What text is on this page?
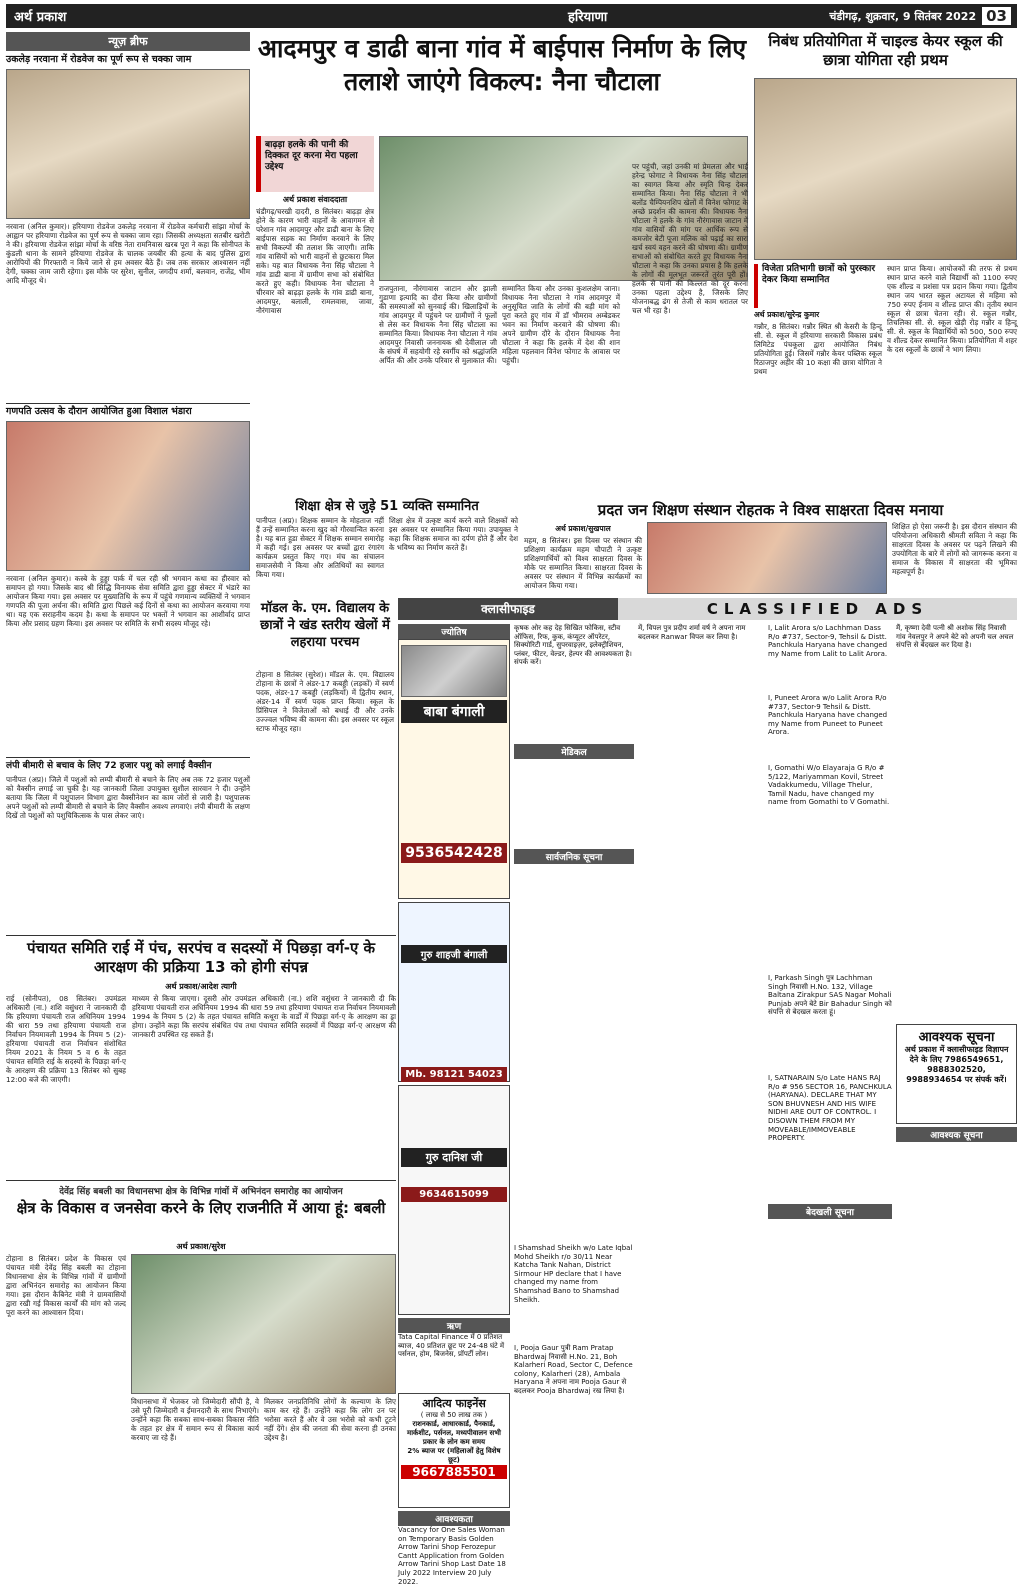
अर्थ प्रकाश	हरियाणा	चंडीगढ़, शुक्रवार, 9 सितंबर 2022 03
न्यूज़ ब्रीफ
उकलेड़ नरवाना में रोडवेज का पूर्ण रूप से चक्का जाम

नरवाना (अनिल कुमार)। हरियाणा रोडवेज उकलेड़ नरवाना में रोडवेज कर्मचारी सांझा मोर्चा के आह्वान पर हरियाणा रोडवेज का पूर्ण रूप से चक्का जाम रहा। जिसकी अध्यक्षता सतबीर खरोटी ने की। हरियाणा रोडवेज सांझा मोर्चा के वरिष्ठ नेता रामनिवास खरब पूरा ने कहा कि सोनीपत के कुंडली थाना के सामने हरियाणा रोडवेज के चालक जयबीर की हत्या के बाद पुलिस द्वारा आरोपियों की गिरफ्तारी न किये जाने से हम अवसर बैठे हैं। जब तक सरकार आश्वासन नहीं देगी, चक्का जाम जारी रहेगा। इस मौके पर सुरेश, सुनील, जगदीप शर्मा, बलवान, राजेंद्र, भीम आदि मौजूद थे।

गणपति उत्सव के दौरान आयोजित हुआ विशाल भंडारा

नरवाना (अनिल कुमार)। कस्बे के हुड्डा पार्क में चल रही श्री भगवान कथा का हीरवार को समापन हो गया। जिसके बाद श्री सिद्धि विनायक सेवा समिति द्वारा हुड्डा सेक्टर में भंडारे का आयोजन किया गया। इस अवसर पर मुख्यातिथि के रूप में पहुंचे गणमान्य व्यक्तियों ने भगवान गणपति की पूजा अर्चना की। समिति द्वारा पिछले कई दिनों से कथा का आयोजन करवाया गया था। यह एक सराहनीय कदम है। कथा के समापन पर भक्तों ने भगवान का आशीर्वाद प्राप्त किया और प्रसाद ग्रहण किया। इस अवसर पर समिति के सभी सदस्य मौजूद रहे।

लंपी बीमारी से बचाव के लिए 72 हजार पशु को लगाई वैक्सीन

पानीपत (अप्र)। जिले में पशुओं को लम्पी बीमारी से बचाने के लिए अब तक 72 हजार पशुओं को वैक्सीन लगाई जा चुकी है। यह जानकारी जिला उपायुक्त सुशील सारवान ने दी। उन्होंने बताया कि जिला में पशुपालन विभाग द्वारा वैक्सीनेशन का काम जोरों से जारी है। पशुपालक अपने पशुओं को लम्पी बीमारी से बचाने के लिए वैक्सीन अवश्य लगवाएं। लंपी बीमारी के लक्षण दिखें तो पशुओं को पशुचिकित्सक के पास लेकर जाएं।

आदमपुर व डाढी बाना गांव में बाईपास निर्माण के लिए तलाशे जाएंगे विकल्प: नैना चौटाला
बाढ़ड़ा हलके की पानी की दिक्कत दूर करना मेरा पहला उद्देश्य
अर्थ प्रकाश संवाददाता

चंडीगढ़/चरखी दादरी, 8 सितंबर। बाढ़ड़ा क्षेत्र होने के कारण भारी वाहनों के आवागमन से परेशान गांव आदमपुर और डाढी बाना के लिए बाईपास सड़क का निर्माण करवाने के लिए सभी विकल्पों की तलाश कि जाएगी। ताकि गांव वासियों को भारी वाहनों से छुटकारा मिल सके। यह बात विधायक नैना सिंह चौटाला ने गांव डाढी बाना में ग्रामीण सभा को संबोधित करते हुए कही। विधायक नैना चौटाला ने चीरवार को बाढ़ड़ा हलके के गांव डाढी बाना, आदमपुर, बलाली, रामलवास, जावा, नौरंगावास

राजपुताना, नौरंगावास जाटान और झाली गुडाणा इत्यादि का दौरा किया और ग्रामीणों की समस्याओं को सुनवाई की। खिलाड़ियों के गांव आदमपुर में पहुंचने पर ग्रामीणों ने फूलों से लेस कर विधायक नैना सिंह चौटाला का सम्मानित किया। विधायक नैना चौटाला ने गांव आदमपुर निवासी जननायक श्री देवीलाल जी के संघर्ष में सहयोगी रहे स्वर्गीय को श्रद्धांजलि अर्पित की और उनके परिवार से मुलाकात की।

सम्मानित किया और उनका कुशलक्षेम जाना। विधायक नैना चौटाला ने गांव आदमपुर में अनुसूचित जाति के लोगों की बड़ी मांग को पूरा करते हुए गांव में डॉ भीमराव अम्बेडकर भवन का निर्माण करवाने की घोषणा की। अपने ग्रामीण दौरे के दौरान विधायक नैना चौटाला ने कहा कि हलके में देश की शान महिला पहलवान विनेश फोगाट के आवास पर पहुंची।

पर पहुंची, जहां उनकी मां प्रेमलता और भाई हरेन्द्र फोगाट ने विधायक नैना सिंह चौटाला का स्वागत किया और स्मृति चिन्ह देकर सम्मानित किया। नैना सिंह चौटाला ने भी बलोंड चैम्पियनशिप खेलों में विनेश फोगाट के अच्छे प्रदर्शन की कामना की। विधायक नैना चौटाला ने हलके के गांव नौरंगावास जाटान में गांव वासियों की मांग पर आर्थिक रूप से कमजोर बेटी पूजा मलिक को पढ़ाई का सारा खर्च स्वयं वहन करने की घोषणा की। ग्रामीण सभाओं को संबोधित करते हुए विधायक नैना चौटाला ने कहा कि उनका प्रयास है कि हलके के लोगों की मूलभूत जरूरतें तुरंत पूरी हों। हलके से पानी की किल्लत को दूर करना उनका पहला उद्देश्य है, जिसके लिए योजनाबद्ध ढंग से तेजी से काम धरातल पर चल भी रहा है।

निबंध प्रतियोगिता में चाइल्ड केयर स्कूल की छात्रा योगिता रही प्रथम
विजेता प्रतिभागी छात्रों को पुरस्कार देकर किया सम्मानित
अर्थ प्रकाश/सुरेन्द्र कुमार

गन्नौर, 8 सितंबर। गन्नौर स्थित श्री केसरी के हिन्दू सी. से. स्कूल में हरियाणा सरकारी विकास प्रबंध लिमिटेड पंचकूला द्वारा आयोजित निबंध प्रतियोगिता हुई। जिसमें गन्नौर केयर पब्लिक स्कूल रिठाजपुर अहीर की 10 कक्षा की छात्रा योगिता ने प्रथम

स्थान प्राप्त किया। आयोजकों की तरफ से प्रथम स्थान प्राप्त करने वाले विद्यार्थी को 1100 रुपए एक शील्ड व प्रशंसा पत्र प्रदान किया गया। द्वितीय स्थान जय भारत स्कूल अटायल से महिमा को 750 रुपए ईनाम व शील्ड प्राप्त की। तृतीय स्थान स्कूल से छात्रा चेतना रही। से. स्कूल गन्नौर, तिचलिका सी. से. स्कूल खेड़ी रोड़ गन्नौर व हिन्दू सी. से. स्कूल के विद्यार्थियों को 500, 500 रुपए व शील्ड देकर सम्मानित किया। प्रतियोगिता में शहर के दस स्कूलों के छात्रों ने भाग लिया।

शिक्षा क्षेत्र से जुड़े 51 व्यक्ति सम्मानित

पानीपत (अप्र)। शिक्षक सम्मान के मोहताज नहीं हैं उन्हें सम्मानित करना खुद को गौरवान्वित करना है। यह बात हुडा सेक्टर में शिक्षक सम्मान समारोह में कही गई। इस अवसर पर बच्चों द्वारा रंगारंग कार्यक्रम प्रस्तुत किए गए। मंच का संचालन समाजसेवी ने किया और अतिथियों का स्वागत किया गया।

शिक्षा क्षेत्र में उत्कृष्ट कार्य करने वाले शिक्षकों को इस अवसर पर सम्मानित किया गया। उपायुक्त ने कहा कि शिक्षक समाज का दर्पण होते हैं और देश के भविष्य का निर्माण करते हैं।

प्रदत जन शिक्षण संस्थान रोहतक ने विश्व साक्षरता दिवस मनाया
अर्थ प्रकाश/सुखपाल

महम, 8 सितंबर। इस दिवस पर संस्थान की प्रशिक्षण कार्यक्रम महम चौपाटी ने उत्कृष्ट प्रशिक्षणार्थियों को विश्व साक्षरता दिवस के मौके पर सम्मानित किया। साक्षरता दिवस के अवसर पर संस्थान में विभिन्न कार्यक्रमों का आयोजन किया गया।

शिक्षित हो ऐसा जरूरी है। इस दौरान संस्थान की परियोजना अधिकारी श्रीमती सविता ने कहा कि साक्षरता दिवस के अवसर पर पढ़ने लिखने की उपयोगिता के बारे में लोगों को जागरूक करना व समाज के विकास में साक्षरता की भूमिका महत्वपूर्ण है।

मॉडल के. एम. विद्यालय के छात्रों ने खंड स्तरीय खेलों में लहराया परचम

टोहाना 8 सितंबर (सुरेश)। मॉडल के. एम. विद्यालय टोहाना के छात्रों ने अंडर-17 कबड्डी (लड़कों) में स्वर्ण पदक, अंडर-17 कबड्डी (लड़कियों) में द्वितीय स्थान, अंडर-14 में स्वर्ण पदक प्राप्त किया। स्कूल के प्रिंसिपल ने विजेताओं को बधाई दी और उनके उज्ज्वल भविष्य की कामना की। इस अवसर पर स्कूल स्टाफ मौजूद रहा।

पंचायत समिति राई में पंच, सरपंच व सदस्यों में पिछड़ा वर्ग-ए के आरक्षण की प्रक्रिया 13 को होगी संपन्न
अर्थ प्रकाश/आदेश त्यागी

राई (सोनीपत), 08 सितंबर। उपमंडल अधिकारी (ना.) शशि वसुंधरा ने जानकारी दी कि हरियाणा पंचायती राज अधिनियम 1994 की धारा 59 तथा हरियाणा पंचायती राज निर्वाचन नियमावली 1994 के नियम 5 (2)-हरियाणा पंचायती राज निर्वाचन संशोधित नियम 2021 के नियम 5 व 6 के तहत पंचायत समिति राई के सदस्यों के पिछड़ा वर्ग-ए के आरक्षण की प्रक्रिया 13 सितंबर को सुबह 12:00 बजे की जाएगी।

माध्यम से किया जाएगा। दूसरी ओर उपमंडल अधिकारी (ना.) शशि वसुंधरा ने जानकारी दी कि हरियाणा पंचायती राज अधिनियम 1994 की धारा 59 तथा हरियाणा पंचायत राज निर्वाचन नियमावली 1994 के नियम 5 (2) के तहत पंचायत समिति कथूरा के वार्डों में पिछड़ा वर्ग-ए के आरक्षण का ड्रा होगा। उन्होंने कहा कि सरपंच संबंधित पंच तथा पंचायत समिति सदस्यों में पिछड़ा वर्ग-ए आरक्षण की जानकारी उपस्थित रह सकते हैं।

देवेंद्र सिंह बबली का विधानसभा क्षेत्र के विभिन्न गांवों में अभिनंदन समारोह का आयोजन
क्षेत्र के विकास व जनसेवा करने के लिए राजनीति में आया हूं: बबली
अर्थ प्रकाश/सुरेश

टोहाना 8 सितंबर। प्रदेश के विकास एवं पंचायत मंत्री देवेंद्र सिंह बबली का टोहाना विधानसभा क्षेत्र के विभिन्न गांवों में ग्रामीणों द्वारा अभिनंदन समारोह का आयोजन किया गया। इस दौरान कैबिनेट मंत्री ने ग्रामवासियों द्वारा रखी गई विकास कार्यों की मांग को जल्द पूरा करने का आश्वासन दिया।

विधानसभा में भेजकर जो जिम्मेदारी सौंपी है, वे उसे पूरी जिम्मेदारी व ईमानदारी के साथ निभाएंगे। उन्होंने कहा कि सबका साथ-सबका विकास नीति के तहत हर क्षेत्र में समान रूप से विकास कार्य करवाए जा रहे हैं।

मिलकर जनप्रतिनिधि लोगों के कल्याण के लिए काम कर रहे हैं। उन्होंने कहा कि लोग उन पर भरोसा करते हैं और वे उस भरोसे को कभी टूटने नहीं देंगे। क्षेत्र की जनता की सेवा करना ही उनका उद्देश्य है।

क्लासीफाइड	CLASSIFIED ADS
ज्योतिष
बाबा बंगाली
9536542428
गुरु शाहजी बंगाली
Mb. 98121 54023
गुरु दानिश जी
9634615099
ऋण

Tata Capital Finance में 0 प्रतिशत ब्याज, 40 प्रतिशत छूट पर 24-48 घंटे में पर्सनल, होम, बिजनेस, प्रॉपर्टी लोन।

आदित्य फाइनेंस
( लाख से 50 लाख तक )
राशनकार्ड, आधारकार्ड, पैनकार्ड, मार्कशीट, पर्सनल, मध्यपीवालन सभी प्रकार के लोन कम समय
2% ब्याज पर (महिलाओं हेतु विशेष छूट)
9667885501
आवश्यकता

Vacancy for One Sales Woman on Temporary Basis Golden Arrow Tarini Shop Ferozepur Cantt Application from Golden Arrow Tarini Shop Last Date 18 July 2022 Interview 20 July 2022.

कृषक ओर कह देह सिखित फोकिस, स्टीव ऑफिस, रिफ, कुक, कंप्यूटर ऑपरेटर, सिक्योरिटी गार्ड, सुपरवाइज़र, इलेक्ट्रीशियन, प्लंबर, फीटर, वेल्डर, हेल्पर की आवश्यकता है। संपर्क करें।

मेडिकल
सार्वजनिक सूचना

I Shamshad Sheikh w/o Late Iqbal Mohd Sheikh r/o 30/11 Near Katcha Tank Nahan, District Sirmour HP declare that I have changed my name from Shamshad Bano to Shamshad Sheikh.

I, Pooja Gaur पुत्री Ram Pratap Bhardwaj निवासी H.No. 21, Boh Kalarheri Road, Sector C, Defence colony, Kalarheri (28), Ambala Haryana ने अपना नाम Pooja Gaur से बदलकर Pooja Bhardwaj रख लिया है।

में, विपल पुत्र प्रदीप शर्मा वर्ष ने अपना नाम बदलकर Ranwar विपल कर लिया है।

I, Lalit Arora s/o Lachhman Dass R/o #737, Sector-9, Tehsil & Distt. Panchkula Haryana have changed my Name from Lalit to Lalit Arora.

I, Puneet Arora w/o Lalit Arora R/o #737, Sector-9 Tehsil & Distt. Panchkula Haryana have changed my Name from Puneet to Puneet Arora.

I, Gomathi W/o Elayaraja G R/o # 5/122, Mariyamman Kovil, Street Vadakkumedu, Village Thelur, Tamil Nadu, have changed my name from Gomathi to V Gomathi.

I, Parkash Singh पुत्र Lachhman Singh निवासी H.No. 132, Village Baltana Zirakpur SAS Nagar Mohali Punjab अपने बेटे Bir Bahadur Singh को संपत्ति से बेदखल करता हूं।

I, SATNARAIN S/o Late HANS RAJ R/o # 956 SECTOR 16, PANCHKULA (HARYANA). DECLARE THAT MY SON BHUVNESH AND HIS WIFE NIDHI ARE OUT OF CONTROL. I DISOWN THEM FROM MY MOVEABLE/IMMOVEABLE PROPERTY.

बेदखली सूचना

मैं, कृष्णा देवी पत्नी श्री अशोक सिंह निवासी गांव नेवलपुर ने अपने बेटे को अपनी चल अचल संपत्ति से बेदखल कर दिया है।

आवश्यक सूचना
अर्थ प्रकाश में क्लासीफाइड विज्ञापन देने के लिए 7986549651, 9888302520, 9988934654 पर संपर्क करें।
आवश्यक सूचना
